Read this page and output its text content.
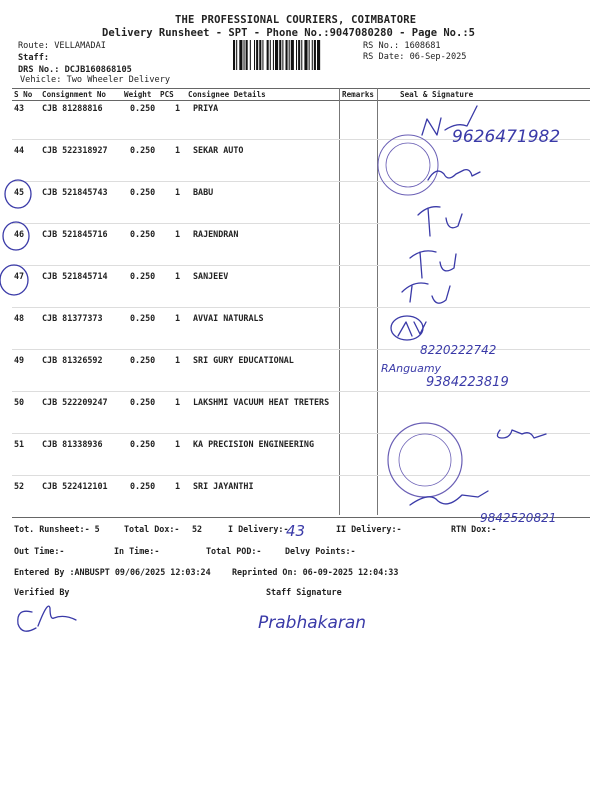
THE PROFESSIONAL COURIERS, COIMBATORE
Delivery Runsheet - SPT - Phone No.:9047080280 - Page No.:5
Route: VELLAMADAI
Staff:
DRS No.: DCJB160868105
Vehicle: Two Wheeler Delivery
RS No.: 1608681
RS Date: 06-Sep-2025
S No Consignment No Weight PCS Consignee Details	Remarks	Seal & Signature
43 CJB 81288816	0.250 1 PRIYA
44 CJB 522318927	0.250 1 SEKAR AUTO
45 CJB 521845743	0.250 1 BABU
46 CJB 521845716	0.250 1 RAJENDRAN
47 CJB 521845714	0.250 1 SANJEEV
48 CJB 81377373	0.250 1 AVVAI NATURALS
49 CJB 81326592	0.250 1 SRI GURY EDUCATIONAL
50 CJB 522209247	0.250 1 LAKSHMI VACUUM HEAT TRETERS
51 CJB 81338936	0.250 1 KA PRECISION ENGINEERING
52 CJB 522412101	0.250 1 SRI JAYANTHI
Tot. Runsheet:- 5	Total Dox:- 52	I Delivery:-	II Delivery:-	RTN Dox:-
Out Time:-	In Time:-	Total POD:-	Delvy Points:-
Entered By :ANBUSPT 09/06/2025 12:03:24	Reprinted On: 06-09-2025 12:04:33
Verified By	Staff Signature
9626471982
8220222742
RAnguamy
9384223819
9842520821
43
Prabhakaran
